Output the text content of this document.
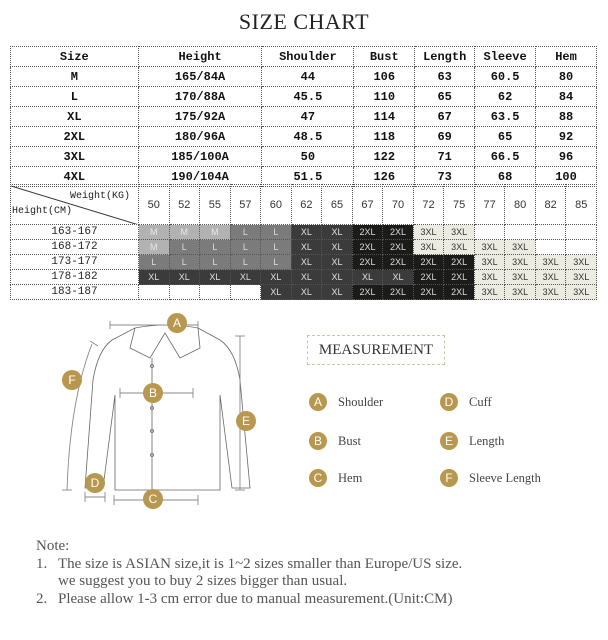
SIZE CHART
Size	Height	Shoulder	Bust	Length	Sleeve	Hem
M	165/84A	44	106	63	60.5	80
L	170/88A	45.5	110	65	62	84
XL	175/92A	47	114	67	63.5	88
2XL	180/96A	48.5	118	69	65	92
3XL	185/100A	50	122	71	66.5	96
4XL	190/104A	51.5	126	73	68	100
Weight(KG)
Height(CM)	50	52	55	57	60	62	65	67	70	72	75	77	80	82	85
163-167	M	M	M	L	L	XL	XL	2XL	2XL	3XL	3XL				
168-172	M	L	L	L	L	XL	XL	2XL	2XL	3XL	3XL	3XL	3XL		
173-177	L	L	L	L	L	XL	XL	2XL	2XL	2XL	2XL	3XL	3XL	3XL	3XL
178-182	XL	XL	XL	XL	XL	XL	XL	XL	XL	2XL	2XL	3XL	3XL	3XL	3XL
183-187					XL	XL	XL	2XL	2XL	2XL	2XL	3XL	3XL	3XL	3XL
A
B
C
D
E
F
MEASUREMENT
A	Shoulder
B	Bust
C	Hem
D	Cuff
E	Length
F	Sleeve Length
Note:
1. The size is ASIAN size,it is 1~2 sizes smaller than Europe/US size.
we suggest you to buy 2 sizes bigger than usual.
2. Please allow 1-3 cm error due to manual measurement.(Unit:CM)
